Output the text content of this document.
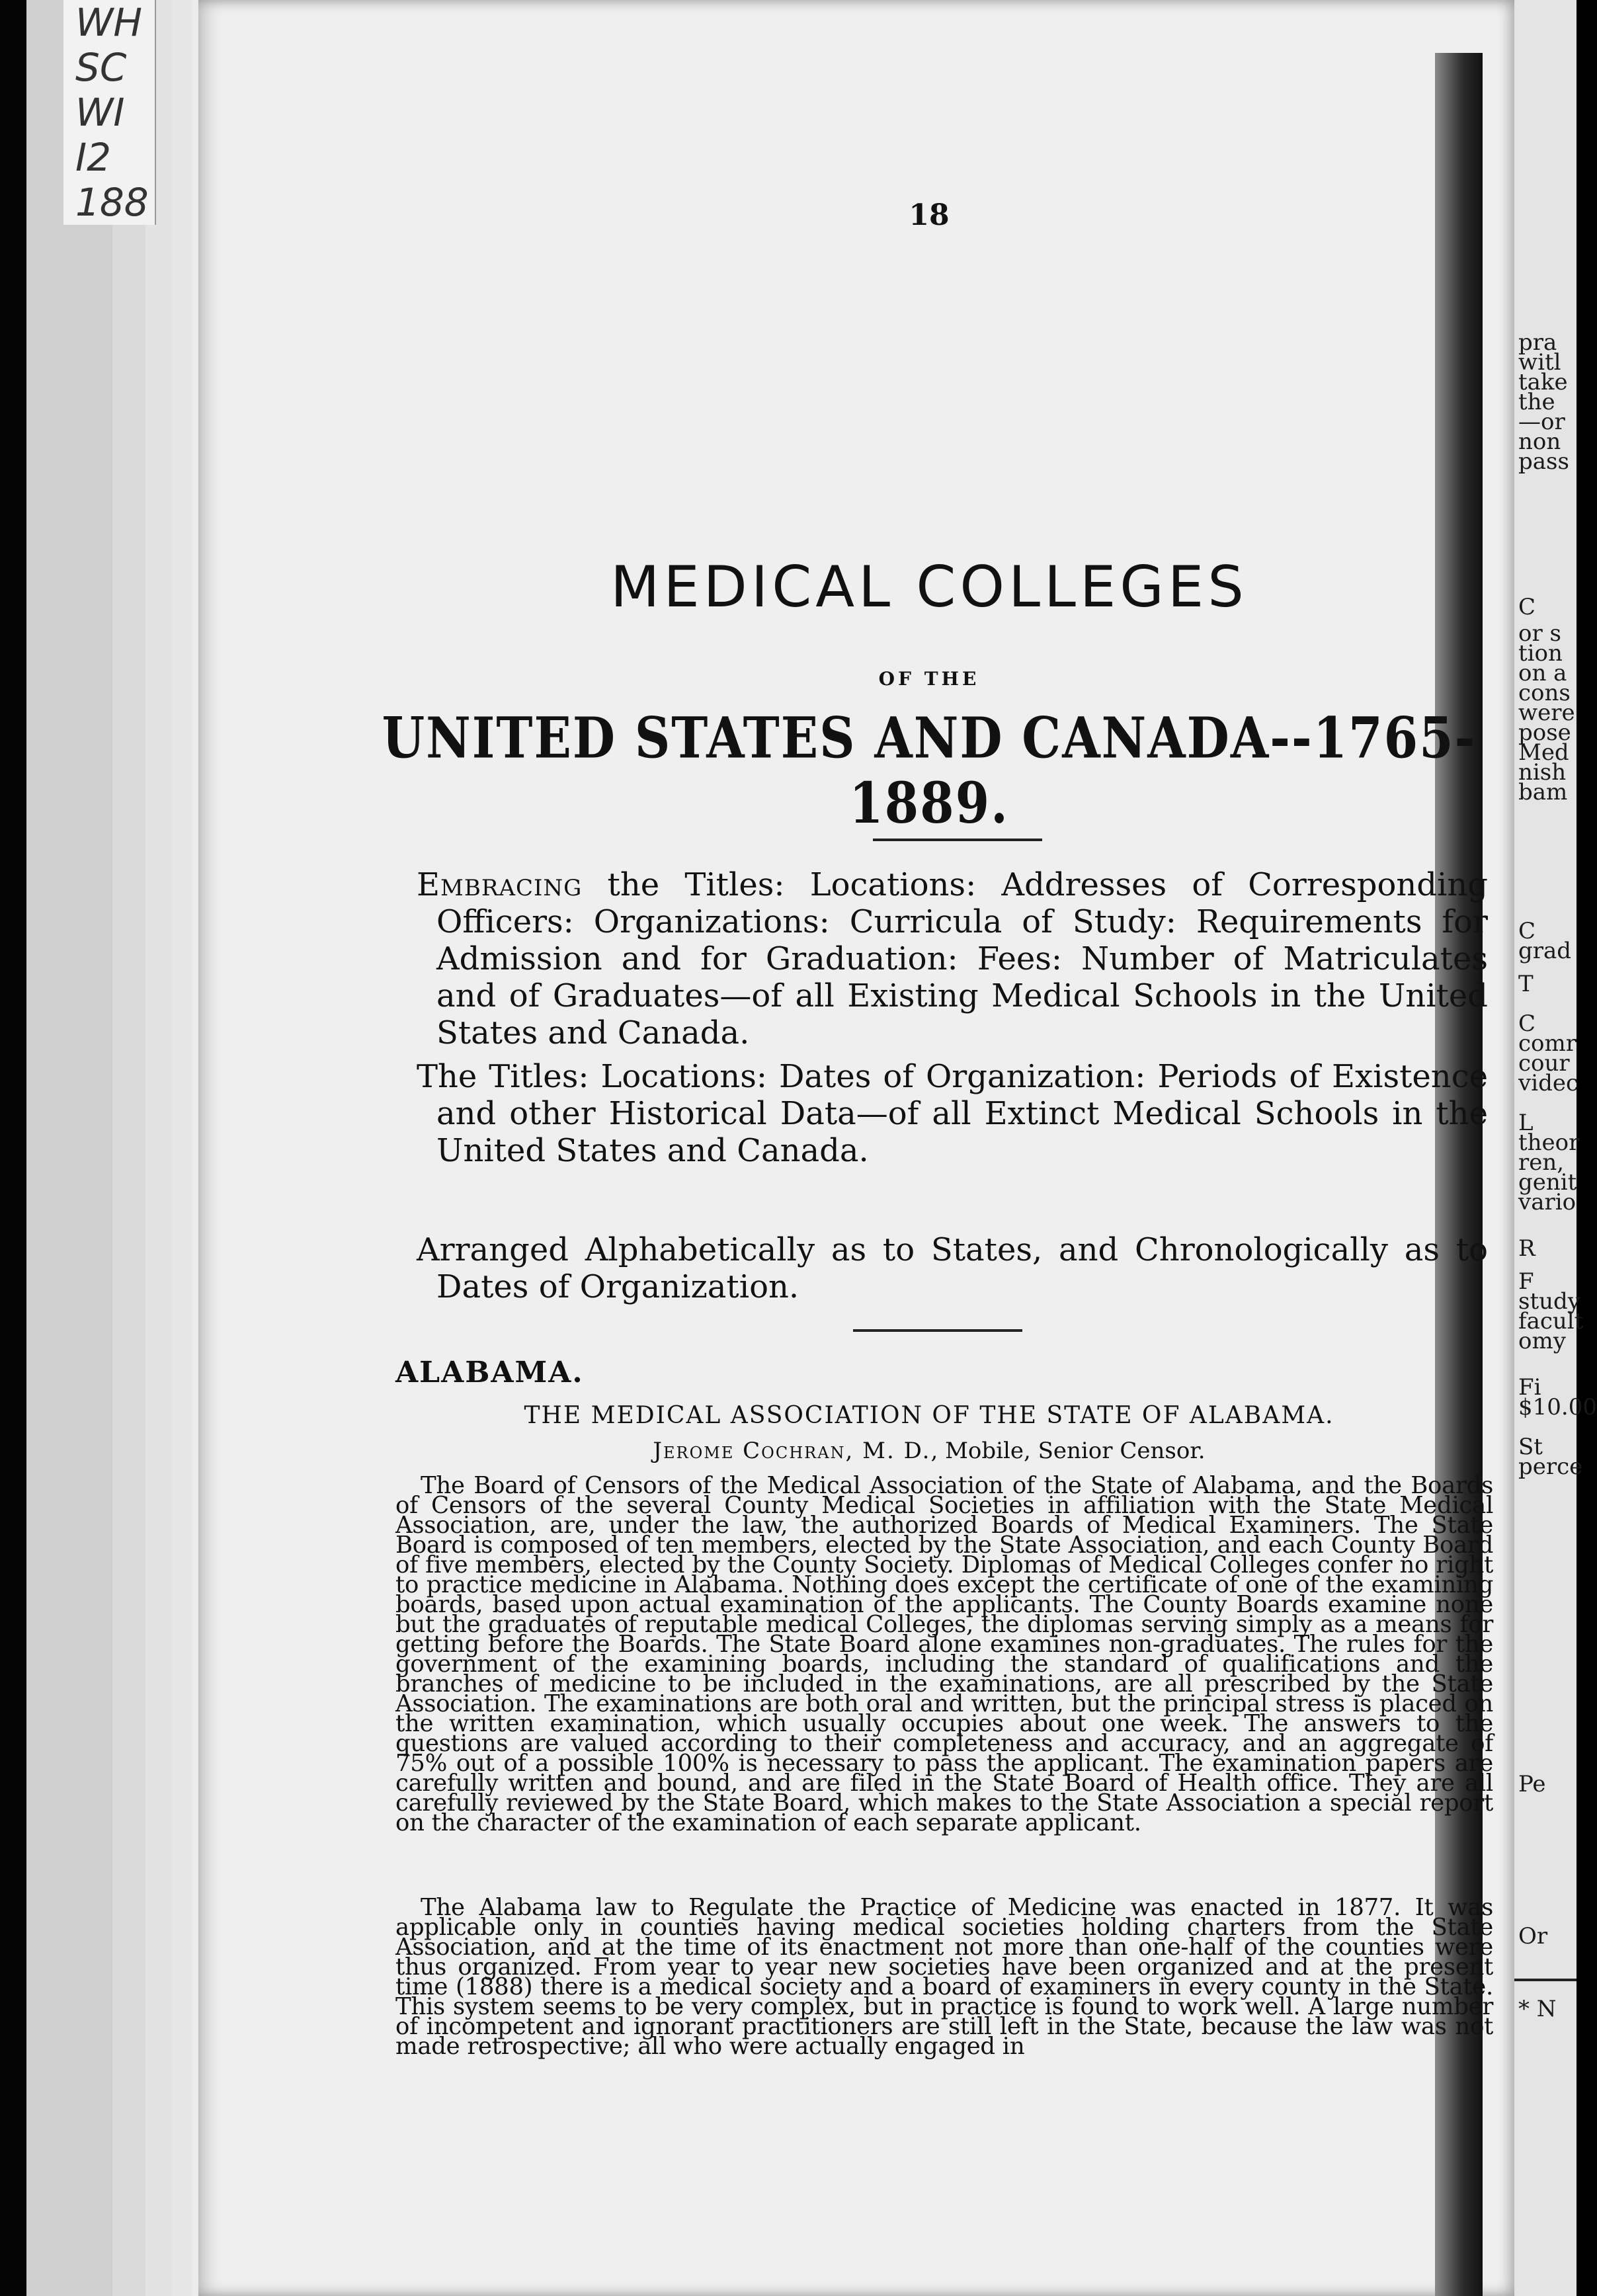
WH
SC
WI
I2
188	18
MEDICAL COLLEGES
OF THE
UNITED STATES AND CANADA--1765-1889.
Embracing the Titles: Locations: Addresses of Corresponding Officers: Organizations: Curricula of Study: Requirements for Admission and for Graduation: Fees: Number of Matriculates and of Graduates—of all Existing Medical Schools in the United States and Canada.
The Titles: Locations: Dates of Organization: Periods of Existence and other Historical Data—of all Extinct Medical Schools in the United States and Canada.
Arranged Alphabetically as to States, and Chronologically as to Dates of Organization.
ALABAMA.
THE MEDICAL ASSOCIATION OF THE STATE OF ALABAMA.
Jerome Cochran, M. D., Mobile, Senior Censor.
The Board of Censors of the Medical Association of the State of Alabama, and the Boards of Censors of the several County Medical Societies in affiliation with the State Medical Association, are, under the law, the authorized Boards of Medical Examiners. The State Board is composed of ten members, elected by the State Association, and each County Board of five members, elected by the County Society. Diplomas of Medical Colleges confer no right to practice medicine in Alabama. Nothing does except the certificate of one of the examining boards, based upon actual examination of the applicants. The County Boards examine none but the graduates of reputable medical Colleges, the diplomas serving simply as a means for getting before the Boards. The State Board alone examines non-graduates. The rules for the government of the examining boards, including the standard of qualifications and the branches of medicine to be included in the examinations, are all prescribed by the State Association. The examinations are both oral and written, but the principal stress is placed on the written examination, which usually occupies about one week. The answers to the questions are valued according to their completeness and accuracy, and an aggregate of 75% out of a possible 100% is necessary to pass the applicant. The examination papers are carefully written and bound, and are filed in the State Board of Health office. They are all carefully reviewed by the State Board, which makes to the State Association a special report on the character of the examination of each separate applicant.
The Alabama law to Regulate the Practice of Medicine was enacted in 1877. It was applicable only in counties having medical societies holding charters from the State Association, and at the time of its enactment not more than one-half of the counties were thus organized. From year to year new societies have been organized and at the present time (1888) there is a medical society and a board of examiners in every county in the State. This system seems to be very complex, but in practice is found to work well. A large number of incompetent and ignorant practitioners are still left in the State, because the law was not made retrospective; all who were actually engaged in
pra
witl
take
the
—or
non
pass
C
or s
tion
on a
cons
were
pose
Med
nish
bam
C
grad
T
C
comr
cour
videc
L
theor
ren,
genit
vario
R
F
study
facult
omy
Fi
$10.00
St
perce
Pe
Or
* N
